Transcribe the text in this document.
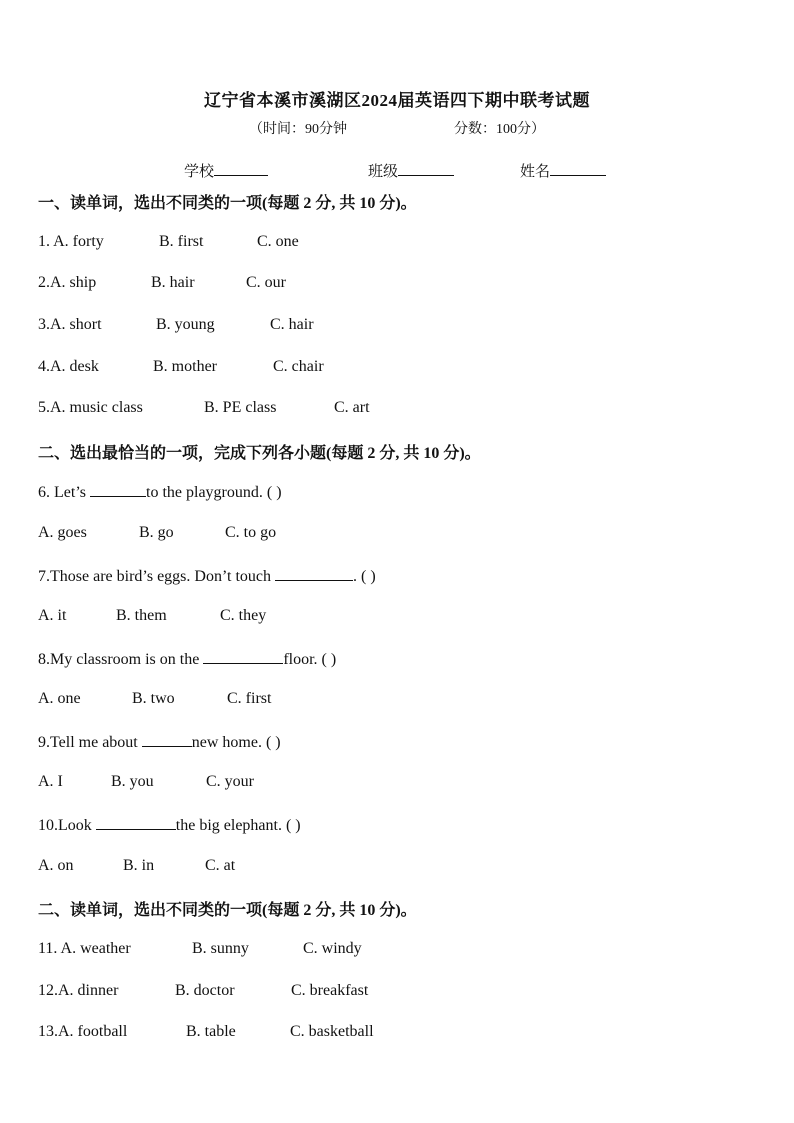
辽宁省本溪市溪湖区2024届英语四下期中联考试题
（时间：90分钟	分数：100分）
学校	班级	姓名
一、读单词，选出不同类的一项(每题 2 分, 共 10 分)。
1. A. forty	B. first	C. one
2.A. ship	B. hair	C. our
3.A. short	B. young	C. hair
4.A. desk	B. mother	C. chair
5.A. music class	B. PE class	C. art
二、选出最恰当的一项，完成下列各小题(每题 2 分, 共 10 分)。
6. Let’s	to the playground. ( )
A. goes	B. go	C. to go
7.Those are bird’s eggs. Don’t touch	. ( )
A. it	B. them	C. they
8.My classroom is on the	floor. ( )
A. one	B. two	C. first
9.Tell me about	new home. ( )
A. I	B. you	C. your
10.Look	the big elephant. ( )
A. on	B. in	C. at
二、读单词，选出不同类的一项(每题 2 分, 共 10 分)。
11. A. weather	B. sunny	C. windy
12.A. dinner	B. doctor	C. breakfast
13.A. football	B. table	C. basketball
